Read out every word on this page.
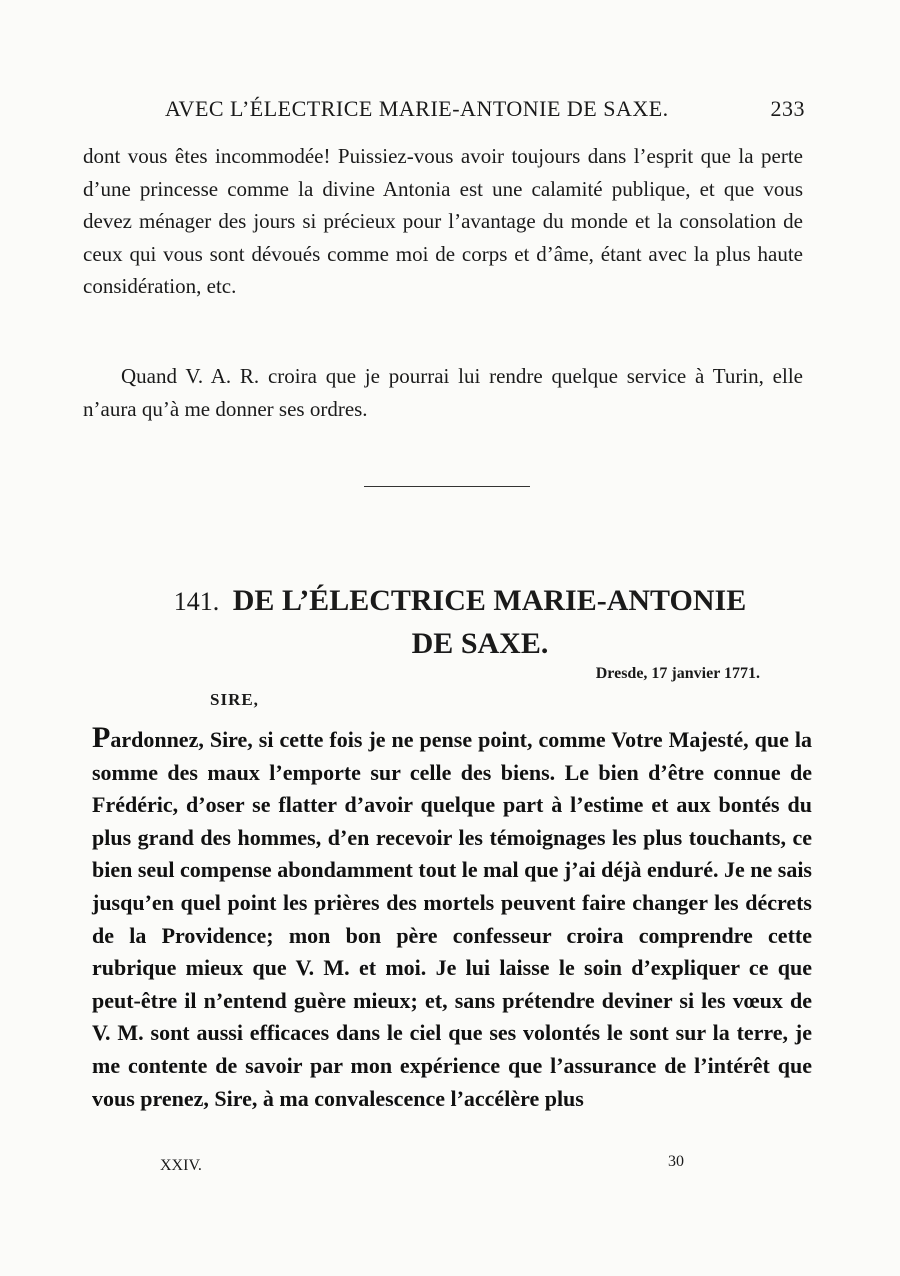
AVEC L’ÉLECTRICE MARIE-ANTONIE DE SAXE.	233

dont vous êtes incommodée! Puissiez-vous avoir toujours dans l’esprit que la perte d’une princesse comme la divine Antonia est une calamité publique, et que vous devez ménager des jours si précieux pour l’avantage du monde et la consolation de ceux qui vous sont dévoués comme moi de corps et d’âme, étant avec la plus haute considération, etc.

Quand V. A. R. croira que je pourrai lui rendre quelque service à Turin, elle n’aura qu’à me donner ses ordres.

141. DE L’ÉLECTRICE MARIE-ANTONIE
DE SAXE.
Dresde, 17 janvier 1771.
SIRE,

Pardonnez, Sire, si cette fois je ne pense point, comme Votre Majesté, que la somme des maux l’emporte sur celle des biens. Le bien d’être connue de Frédéric, d’oser se flatter d’avoir quelque part à l’estime et aux bontés du plus grand des hommes, d’en recevoir les témoignages les plus touchants, ce bien seul compense abondamment tout le mal que j’ai déjà enduré. Je ne sais jusqu’en quel point les prières des mortels peuvent faire changer les décrets de la Providence; mon bon père confesseur croira comprendre cette rubrique mieux que V. M. et moi. Je lui laisse le soin d’expliquer ce que peut-être il n’entend guère mieux; et, sans prétendre deviner si les vœux de V. M. sont aussi efficaces dans le ciel que ses volontés le sont sur la terre, je me contente de savoir par mon expérience que l’assurance de l’intérêt que vous prenez, Sire, à ma convalescence l’accélère plus

XXIV.	30
